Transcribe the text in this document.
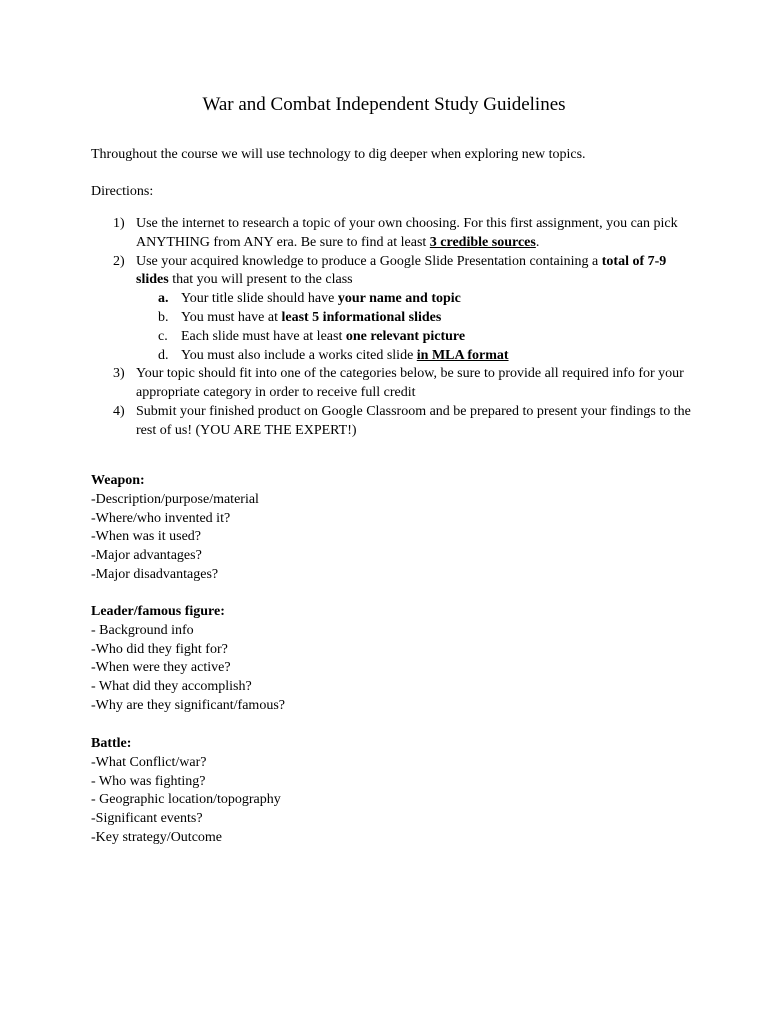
War and Combat Independent Study Guidelines
Throughout the course we will use technology to dig deeper when exploring new topics.
Directions:
1) Use the internet to research a topic of your own choosing. For this first assignment, you can pick ANYTHING from ANY era. Be sure to find at least 3 credible sources.
2) Use your acquired knowledge to produce a Google Slide Presentation containing a total of 7-9 slides that you will present to the class
a. Your title slide should have your name and topic
b. You must have at least 5 informational slides
c. Each slide must have at least one relevant picture
d. You must also include a works cited slide in MLA format
3) Your topic should fit into one of the categories below, be sure to provide all required info for your appropriate category in order to receive full credit
4) Submit your finished product on Google Classroom and be prepared to present your findings to the rest of us! (YOU ARE THE EXPERT!)
Weapon:
-Description/purpose/material
-Where/who invented it?
-When was it used?
-Major advantages?
-Major disadvantages?
Leader/famous figure:
- Background info
-Who did they fight for?
-When were they active?
- What did they accomplish?
-Why are they significant/famous?
Battle:
-What Conflict/war?
- Who was fighting?
- Geographic location/topography
-Significant events?
-Key strategy/Outcome
